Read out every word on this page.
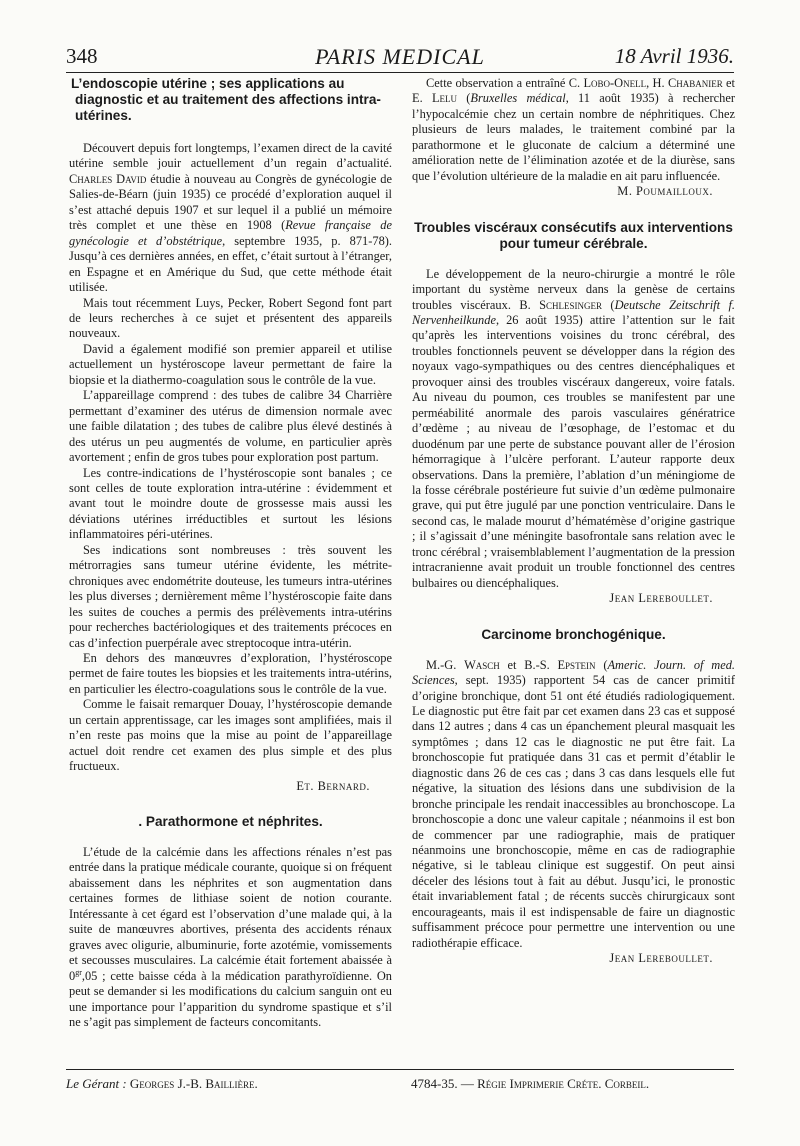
348	PARIS MEDICAL	18 Avril 1936.
L’endoscopie utérine ; ses applications au diagnostic et au traitement des affections intra-utérines.

Découvert depuis fort longtemps, l’examen direct de la cavité utérine semble jouir actuellement d’un regain d’actualité. Charles David étudie à nouveau au Congrès de gynécologie de Salies-de-Béarn (juin 1935) ce procédé d’exploration auquel il s’est attaché depuis 1907 et sur lequel il a publié un mémoire très complet et une thèse en 1908 (Revue française de gynécologie et d’obstétrique, septembre 1935, p. 871-78). Jusqu’à ces dernières années, en effet, c’était surtout à l’étranger, en Espagne et en Amérique du Sud, que cette méthode était utilisée.

Mais tout récemment Luys, Pecker, Robert Segond font part de leurs recherches à ce sujet et présentent des appareils nouveaux.

David a également modifié son premier appareil et utilise actuellement un hystéroscope laveur permettant de faire la biopsie et la diathermo-coagulation sous le contrôle de la vue.

L’appareillage comprend : des tubes de calibre 34 Charrière permettant d’examiner des utérus de dimension normale avec une faible dilatation ; des tubes de calibre plus élevé destinés à des utérus un peu augmentés de volume, en particulier après avortement ; enfin de gros tubes pour exploration post partum.

Les contre-indications de l’hystéroscopie sont banales ; ce sont celles de toute exploration intra-utérine : évidemment et avant tout le moindre doute de grossesse mais aussi les déviations utérines irréductibles et surtout les lésions inflammatoires péri-utérines.

Ses indications sont nombreuses : très souvent les métrorragies sans tumeur utérine évidente, les métrite-chroniques avec endométrite douteuse, les tumeurs intra-utérines les plus diverses ; dernièrement même l’hystéroscopie faite dans les suites de couches a permis des prélèvements intra-utérins pour recherches bactériologiques et des traitements précoces en cas d’infection puerpérale avec streptocoque intra-utérin.

En dehors des manœuvres d’exploration, l’hystéroscope permet de faire toutes les biopsies et les traitements intra-utérins, en particulier les électro-coagulations sous le contrôle de la vue.

Comme le faisait remarquer Douay, l’hystéroscopie demande un certain apprentissage, car les images sont amplifiées, mais il n’en reste pas moins que la mise au point de l’appareillage actuel doit rendre cet examen des plus simple et des plus fructueux.

Et. Bernard.

. Parathormone et néphrites.

L’étude de la calcémie dans les affections rénales n’est pas entrée dans la pratique médicale courante, quoique si on fréquent abaissement dans les néphrites et son augmentation dans certaines formes de lithiase soient de notion courante. Intéressante à cet égard est l’observation d’une malade qui, à la suite de manœuvres abortives, présenta des accidents rénaux graves avec oligurie, albuminurie, forte azotémie, vomissements et secousses musculaires. La calcémie était fortement abaissée à $0^{gr},05$ ; cette baisse céda à la médication parathyroïdienne. On peut se demander si les modifications du calcium sanguin ont eu une importance pour l’apparition du syndrome spastique et s’il ne s’agit pas simplement de facteurs concomitants.

Cette observation a entraîné C. Lobo-Onell, H. Chabanier et E. Lelu (Bruxelles médical, 11 août 1935) à rechercher l’hypocalcémie chez un certain nombre de néphritiques. Chez plusieurs de leurs malades, le traitement combiné par la parathormone et le gluconate de calcium a déterminé une amélioration nette de l’élimination azotée et de la diurèse, sans que l’évolution ultérieure de la maladie en ait paru influencée.

M. Poumailloux.

Troubles viscéraux consécutifs aux interventions pour tumeur cérébrale.

Le développement de la neuro-chirurgie a montré le rôle important du système nerveux dans la genèse de certains troubles viscéraux. B. Schlesinger (Deutsche Zeitschrift f. Nervenheilkunde, 26 août 1935) attire l’attention sur le fait qu’après les interventions voisines du tronc cérébral, des troubles fonctionnels peuvent se développer dans la région des noyaux vago-sympathiques ou des centres diencéphaliques et provoquer ainsi des troubles viscéraux dangereux, voire fatals. Au niveau du poumon, ces troubles se manifestent par une perméabilité anormale des parois vasculaires génératrice d’œdème ; au niveau de l’œsophage, de l’estomac et du duodénum par une perte de substance pouvant aller de l’érosion hémorragique à l’ulcère perforant. L’auteur rapporte deux observations. Dans la première, l’ablation d’un méningiome de la fosse cérébrale postérieure fut suivie d’un œdème pulmonaire grave, qui put être jugulé par une ponction ventriculaire. Dans le second cas, le malade mourut d’hématémèse d’origine gastrique ; il s’agissait d’une méningite basofrontale sans relation avec le tronc cérébral ; vraisemblablement l’augmentation de la pression intracranienne avait produit un trouble fonctionnel des centres bulbaires ou diencéphaliques.

Jean Lereboullet.

Carcinome bronchogénique.

M.-G. Wasch et B.-S. Epstein (Americ. Journ. of med. Sciences, sept. 1935) rapportent 54 cas de cancer primitif d’origine bronchique, dont 51 ont été étudiés radiologiquement. Le diagnostic put être fait par cet examen dans 23 cas et supposé dans 12 autres ; dans 4 cas un épanchement pleural masquait les symptômes ; dans 12 cas le diagnostic ne put être fait. La bronchoscopie fut pratiquée dans 31 cas et permit d’établir le diagnostic dans 26 de ces cas ; dans 3 cas dans lesquels elle fut négative, la situation des lésions dans une subdivision de la bronche principale les rendait inaccessibles au bronchoscope. La bronchoscopie a donc une valeur capitale ; néanmoins il est bon de commencer par une radiographie, mais de pratiquer néanmoins une bronchoscopie, même en cas de radiographie négative, si le tableau clinique est suggestif. On peut ainsi déceler des lésions tout à fait au début. Jusqu’ici, le pronostic était invariablement fatal ; de récents succès chirurgicaux sont encourageants, mais il est indispensable de faire un diagnostic suffisamment précoce pour permettre une intervention ou une radiothérapie efficace.

Jean Lereboullet.

Le Gérant : Georges J.-B. Baillière.	4784-35. — Régie Imprimerie Créte. Corbeil.
